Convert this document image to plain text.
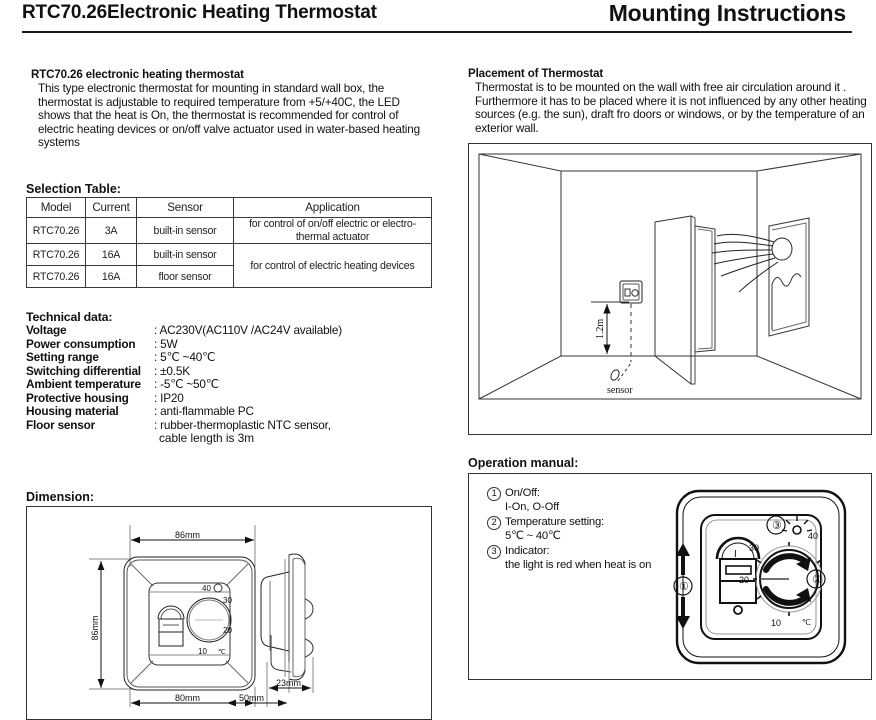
RTC70.26Electronic Heating Thermostat	Mounting Instructions
RTC70.26 electronic heating thermostat
This type electronic thermostat for mounting in standard wall box, the thermostat is adjustable to required temperature from +5/+40C, the LED shows that the heat is On, the thermostat is recommended for control of electric heating devices or on/off valve actuator used in water-based heating systems
Selection Table:
Model	Current	Sensor	Application
RTC70.26	3A	built-in sensor	for control of on/off electric or electro-thermal actuator
RTC70.26	16A	built-in sensor	for control of electric heating devices
RTC70.26	16A	floor sensor	
Technical data:
Voltage	: AC230V(AC110V /AC24V available)
Power consumption	: 5W
Setting range	: 5℃ ~40℃
Switching differential	: ±0.5K
Ambient temperature	: -5℃ ~50℃
Protective housing	: IP20
Housing material	: anti-flammable PC
Floor sensor	: rubber-thermoplastic NTC sensor,
cable length is 3m
Dimension:
86mm
86mm
80mm
23mm
50mm
40
30
20
10 ℃
Placement of Thermostat
Thermostat is to be mounted on the wall with free air circulation around it . Furthermore it has to be placed where it is not influenced by any other heating sources (e.g. the sun), draft fro doors or windows, or by the temperature of an exterior wall.
1.2m
sensor
Operation manual:
1 On/Off:
I-On, O-Off
2 Temperature setting:
5℃ ~ 40℃
3 Indicator:
the light is red when heat is on
①
②
③
40
30
20
10	℃
I
